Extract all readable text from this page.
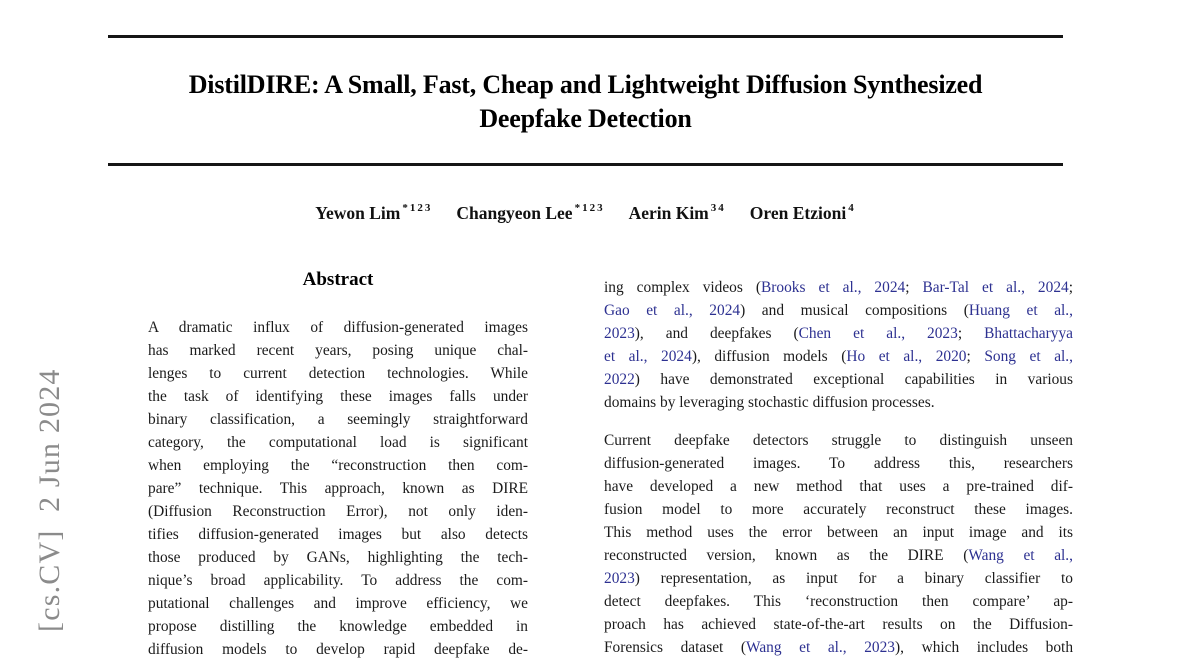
[cs.CV]  2 Jun 2024
DistilDIRE: A Small, Fast, Cheap and Lightweight Diffusion Synthesized
Deepfake Detection
Yewon Lim $^{*123}$ Changyeon Lee $^{*123}$ Aerin Kim $^{34}$ Oren Etzioni $^4$
Abstract
A dramatic influx of diffusion-generated images
has marked recent years, posing unique chal-
lenges to current detection technologies. While
the task of identifying these images falls under
binary classification, a seemingly straightforward
category, the computational load is significant
when employing the “reconstruction then com-
pare” technique. This approach, known as DIRE
(Diffusion Reconstruction Error), not only iden-
tifies diffusion-generated images but also detects
those produced by GANs, highlighting the tech-
nique’s broad applicability. To address the com-
putational challenges and improve efficiency, we
propose distilling the knowledge embedded in
diffusion models to develop rapid deepfake de-
ing complex videos (Brooks et al., 2024; Bar-Tal et al., 2024;
Gao et al., 2024) and musical compositions (Huang et al.,
2023), and deepfakes (Chen et al., 2023; Bhattacharyya
et al., 2024), diffusion models (Ho et al., 2020; Song et al.,
2022) have demonstrated exceptional capabilities in various
domains by leveraging stochastic diffusion processes.
Current deepfake detectors struggle to distinguish unseen
diffusion-generated images. To address this, researchers
have developed a new method that uses a pre-trained dif-
fusion model to more accurately reconstruct these images.
This method uses the error between an input image and its
reconstructed version, known as the DIRE (Wang et al.,
2023) representation, as input for a binary classifier to
detect deepfakes. This ‘reconstruction then compare’ ap-
proach has achieved state-of-the-art results on the Diffusion-
Forensics dataset (Wang et al., 2023), which includes both
